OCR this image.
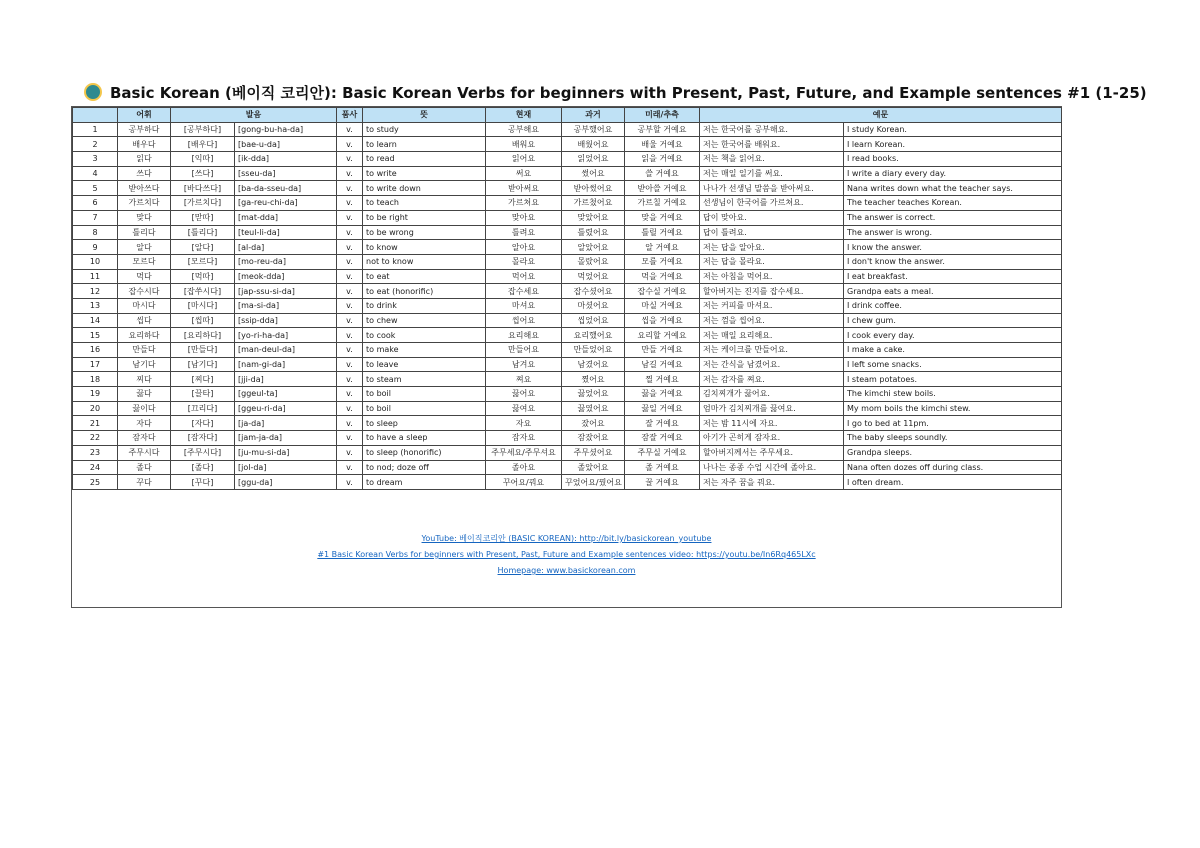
Basic Korean (베이직 코리안): Basic Korean Verbs for beginners with Present, Past, Future, and Example sentences #1 (1-25)
	어휘	발음		품사	뜻	현재	과거	미래/추측	예문	
1	공부하다	[공부하다]	[gong-bu-ha-da]	v.	to study	공부해요	공부했어요	공부할 거예요	저는 한국어를 공부해요.	I study Korean.
2	배우다	[배우다]	[bae-u-da]	v.	to learn	배워요	배웠어요	배울 거예요	저는 한국어를 배워요.	I learn Korean.
3	읽다	[익따]	[ik-dda]	v.	to read	읽어요	읽었어요	읽을 거예요	저는 책을 읽어요.	I read books.
4	쓰다	[쓰다]	[sseu-da]	v.	to write	써요	썼어요	쓸 거예요	저는 매일 일기를 써요.	I write a diary every day.
5	받아쓰다	[바다쓰다]	[ba-da-sseu-da]	v.	to write down	받아써요	받아썼어요	받아쓸 거예요	나나가 선생님 말씀을 받아써요.	Nana writes down what the teacher says.
6	가르치다	[가르치다]	[ga-reu-chi-da]	v.	to teach	가르쳐요	가르쳤어요	가르칠 거예요	선생님이 한국어를 가르쳐요.	The teacher teaches Korean.
7	맞다	[맏따]	[mat-dda]	v.	to be right	맞아요	맞았어요	맞을 거예요	답이 맞아요.	The answer is correct.
8	틀리다	[틀리다]	[teul-li-da]	v.	to be wrong	틀려요	틀렸어요	틀릴 거예요	답이 틀려요.	The answer is wrong.
9	알다	[알다]	[al-da]	v.	to know	알아요	알았어요	알 거예요	저는 답을 알아요.	I know the answer.
10	모르다	[모르다]	[mo-reu-da]	v.	not to know	몰라요	몰랐어요	모를 거예요	저는 답을 몰라요.	I don't know the answer.
11	먹다	[먹따]	[meok-dda]	v.	to eat	먹어요	먹었어요	먹을 거예요	저는 아침을 먹어요.	I eat breakfast.
12	잡수시다	[잡쑤시다]	[jap-ssu-si-da]	v.	to eat (honorific)	잡수세요	잡수셨어요	잡수실 거예요	할아버지는 진지를 잡수세요.	Grandpa eats a meal.
13	마시다	[마시다]	[ma-si-da]	v.	to drink	마셔요	마셨어요	마실 거예요	저는 커피를 마셔요.	I drink coffee.
14	씹다	[씹따]	[ssip-dda]	v.	to chew	씹어요	씹었어요	씹을 거예요	저는 껌을 씹어요.	I chew gum.
15	요리하다	[요리하다]	[yo-ri-ha-da]	v.	to cook	요리해요	요리했어요	요리할 거예요	저는 매일 요리해요.	I cook every day.
16	만들다	[만들다]	[man-deul-da]	v.	to make	만들어요	만들었어요	만들 거예요	저는 케이크를 만들어요.	I make a cake.
17	남기다	[남기다]	[nam-gi-da]	v.	to leave	남겨요	남겼어요	남길 거예요	저는 간식을 남겼어요.	I left some snacks.
18	찌다	[찌다]	[jji-da]	v.	to steam	쪄요	쪘어요	찔 거예요	저는 감자를 쪄요.	I steam potatoes.
19	끓다	[끌타]	[ggeul-ta]	v.	to boil	끓어요	끓었어요	끓을 거예요	김치찌개가 끓어요.	The kimchi stew boils.
20	끓이다	[끄리다]	[ggeu-ri-da]	v.	to boil	끓여요	끓였어요	끓일 거예요	엄마가 김치찌개를 끓여요.	My mom boils the kimchi stew.
21	자다	[자다]	[ja-da]	v.	to sleep	자요	잤어요	잘 거예요	저는 밤 11시에 자요.	I go to bed at 11pm.
22	잠자다	[잠자다]	[jam-ja-da]	v.	to have a sleep	잠자요	잠잤어요	잠잘 거예요	아기가 곤히게 잠자요.	The baby sleeps soundly.
23	주무시다	[주무시다]	[ju-mu-si-da]	v.	to sleep (honorific)	주무세요/주무셔요	주무셨어요	주무실 거예요	할아버지께서는 주무세요.	Grandpa sleeps.
24	졸다	[졸다]	[jol-da]	v.	to nod; doze off	졸아요	졸았어요	졸 거예요	나나는 종종 수업 시간에 졸아요.	Nana often dozes off during class.
25	꾸다	[꾸다]	[ggu-da]	v.	to dream	꾸어요/꿔요	꾸었어요/꿨어요	꿀 거예요	저는 자주 꿈을 꿔요.	I often dream.
YouTube: 베이직코리안 (BASIC KOREAN): http://bit.ly/basickorean_youtube
#1 Basic Korean Verbs for beginners with Present, Past, Future and Example sentences video: https://youtu.be/In6Rq465LXc
Homepage: www.basickorean.com
